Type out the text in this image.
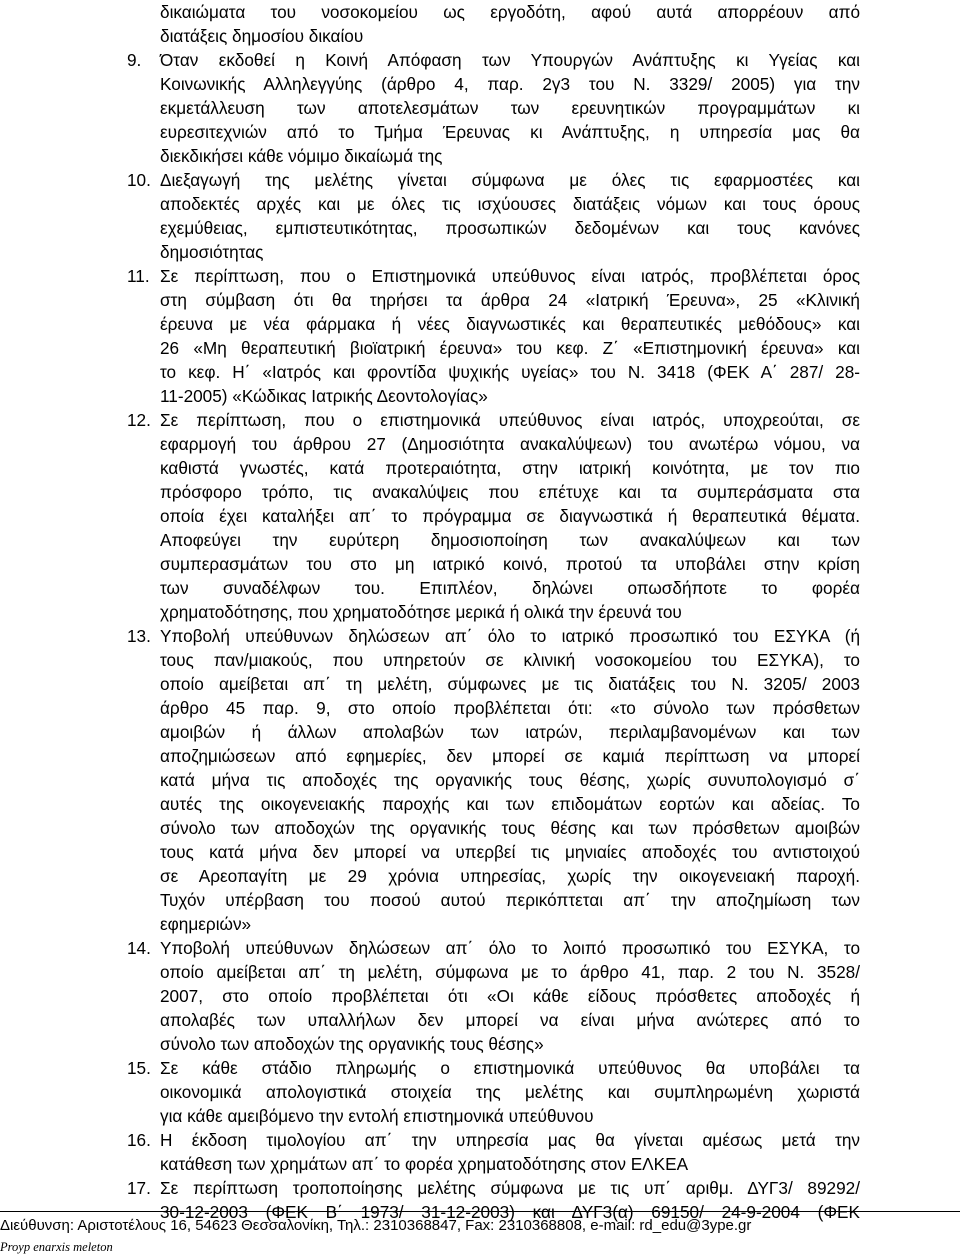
δικαιώματα του νοσοκομείου ως εργοδότη, αφού αυτά απορρέουν από
διατάξεις δημοσίου δικαίου
9.	Όταν εκδοθεί η Κοινή Απόφαση των Υπουργών Ανάπτυξης κι Υγείας και
Κοινωνικής Αλληλεγγύης (άρθρο 4, παρ. 2γ3 του Ν. 3329/ 2005) για την
εκμετάλλευση των αποτελεσμάτων των ερευνητικών προγραμμάτων κι
ευρεσιτεχνιών από το Τμήμα Έρευνας κι Ανάπτυξης, η υπηρεσία μας θα
διεκδικήσει κάθε νόμιμο δικαίωμά της
10. Διεξαγωγή της μελέτης γίνεται σύμφωνα με όλες τις εφαρμοστέες και
αποδεκτές αρχές και με όλες τις ισχύουσες διατάξεις νόμων και τους όρους
εχεμύθειας, εμπιστευτικότητας, προσωπικών δεδομένων και τους κανόνες
δημοσιότητας
11. Σε περίπτωση, που ο Επιστημονικά υπεύθυνος είναι ιατρός, προβλέπεται όρος
στη σύμβαση ότι θα τηρήσει τα άρθρα 24 «Ιατρική Έρευνα», 25 «Κλινική
έρευνα με νέα φάρμακα ή νέες διαγνωστικές και θεραπευτικές μεθόδους» και
26 «Μη θεραπευτική βιοϊατρική έρευνα» του κεφ. Ζ΄ «Επιστημονική έρευνα» και
το κεφ. Η΄ «Ιατρός και φροντίδα ψυχικής υγείας» του Ν. 3418 (ΦΕΚ Α΄ 287/ 28-
11-2005) «Κώδικας Ιατρικής Δεοντολογίας»
12. Σε περίπτωση, που ο επιστημονικά υπεύθυνος είναι ιατρός, υποχρεούται, σε
εφαρμογή του άρθρου 27 (Δημοσιότητα ανακαλύψεων) του ανωτέρω νόμου, να
καθιστά γνωστές, κατά προτεραιότητα, στην ιατρική κοινότητα, με τον πιο
πρόσφορο τρόπο, τις ανακαλύψεις που επέτυχε και τα συμπεράσματα στα
οποία έχει καταλήξει απ΄ το πρόγραμμα σε διαγνωστικά ή θεραπευτικά θέματα.
Αποφεύγει την ευρύτερη δημοσιοποίηση των ανακαλύψεων και των
συμπερασμάτων του στο μη ιατρικό κοινό, προτού τα υποβάλει στην κρίση
των συναδέλφων του. Επιπλέον, δηλώνει οπωσδήποτε το φορέα
χρηματοδότησης, που χρηματοδότησε μερικά ή ολικά την έρευνά του
13. Υποβολή υπεύθυνων δηλώσεων απ΄ όλο το ιατρικό προσωπικό του ΕΣΥΚΑ (ή
τους παν/μιακούς, που υπηρετούν σε κλινική νοσοκομείου του ΕΣΥΚΑ), το
οποίο αμείβεται απ΄ τη μελέτη, σύμφωνες με τις διατάξεις του Ν. 3205/ 2003
άρθρο 45 παρ. 9, στο οποίο προβλέπεται ότι: «το σύνολο των πρόσθετων
αμοιβών ή άλλων απολαβών των ιατρών, περιλαμβανομένων και των
αποζημιώσεων από εφημερίες, δεν μπορεί σε καμιά περίπτωση να μπορεί
κατά μήνα τις αποδοχές της οργανικής τους θέσης, χωρίς συνυπολογισμό σ΄
αυτές της οικογενειακής παροχής και των επιδομάτων εορτών και αδείας. Το
σύνολο των αποδοχών της οργανικής τους θέσης και των πρόσθετων αμοιβών
τους κατά μήνα δεν μπορεί να υπερβεί τις μηνιαίες αποδοχές του αντιστοιχού
σε Αρεοπαγίτη με 29 χρόνια υπηρεσίας, χωρίς την οικογενειακή παροχή.
Τυχόν υπέρβαση του ποσού αυτού περικόπτεται απ΄ την αποζημίωση των
εφημεριών»
14. Υποβολή υπεύθυνων δηλώσεων απ΄ όλο το λοιπό προσωπικό του ΕΣΥΚΑ, το
οποίο αμείβεται απ΄ τη μελέτη, σύμφωνα με το άρθρο 41, παρ. 2 του Ν. 3528/
2007, στο οποίο προβλέπεται ότι «Οι κάθε είδους πρόσθετες αποδοχές ή
απολαβές των υπαλλήλων δεν μπορεί να είναι μήνα ανώτερες από το
σύνολο των αποδοχών της οργανικής τους θέσης»
15. Σε κάθε στάδιο πληρωμής ο επιστημονικά υπεύθυνος θα υποβάλει τα
οικονομικά απολογιστικά στοιχεία της μελέτης και συμπληρωμένη χωριστά
για κάθε αμειβόμενο την εντολή επιστημονικά υπεύθυνου
16. Η έκδοση τιμολογίου απ΄ την υπηρεσία μας θα γίνεται αμέσως μετά την
κατάθεση των χρημάτων απ΄ το φορέα χρηματοδότησης στον ΕΛΚΕΑ
17. Σε περίπτωση τροποποίησης μελέτης σύμφωνα με τις υπ΄ αριθμ. ΔΥΓ3/ 89292/
30-12-2003 (ΦΕΚ Β΄ 1973/ 31-12-2003) και ΔΥΓ3(α) 69150/ 24-9-2004 (ΦΕΚ
Διεύθυνση: Αριστοτέλους 16, 54623 Θεσσαλονίκη, Τηλ.: 2310368847, Fax: 2310368808, e-mail: rd_edu@3ype.gr
Proyp enarxis meleton
